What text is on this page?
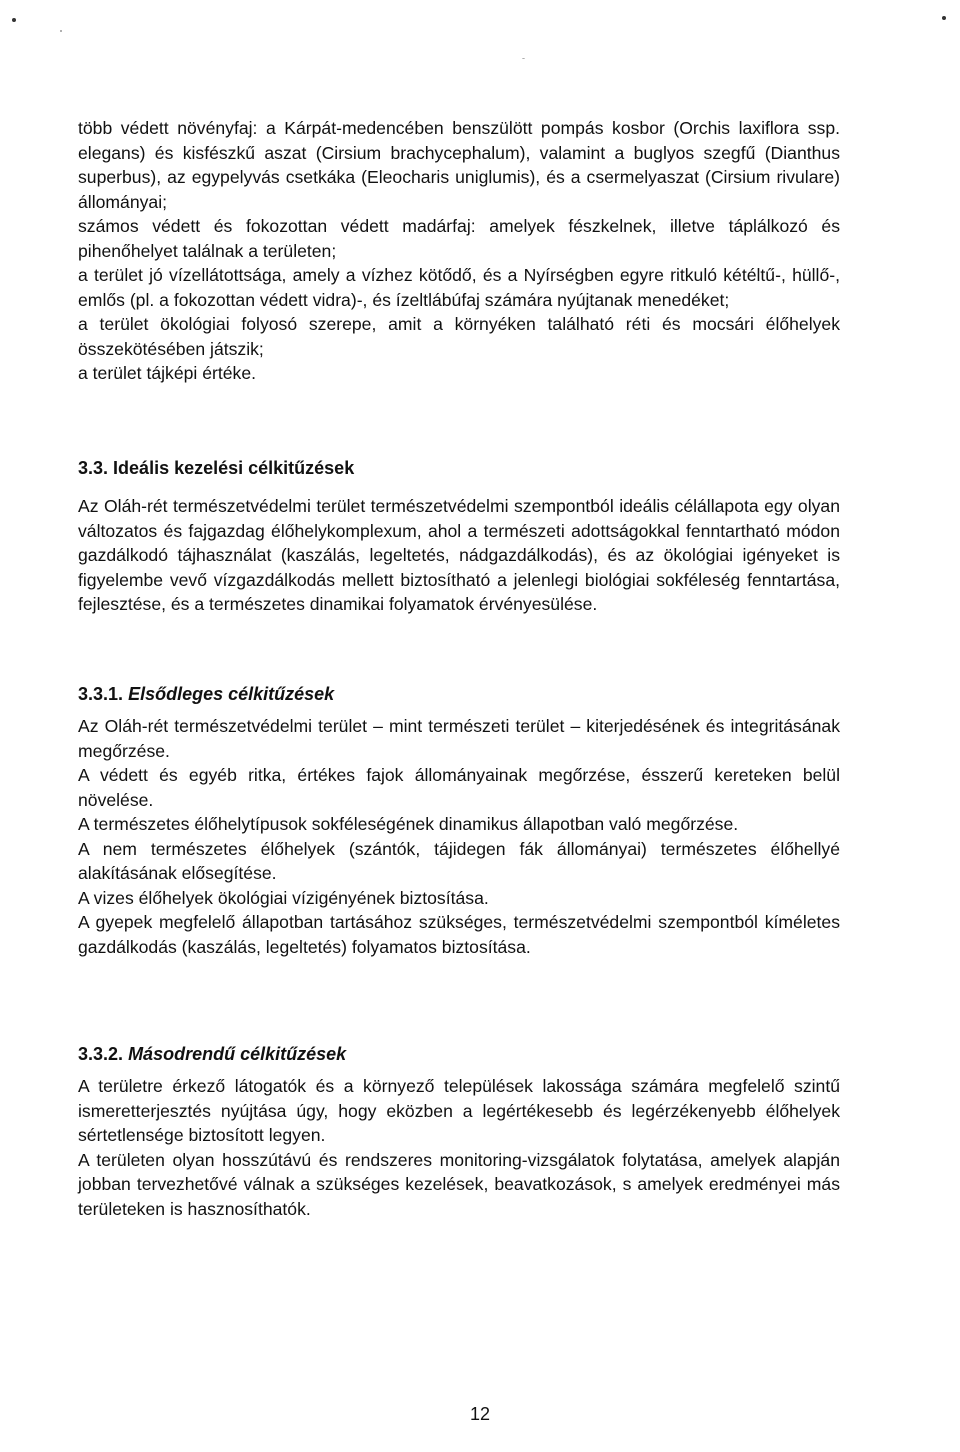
több védett növényfaj: a Kárpát-medencében benszülött pompás kosbor (Orchis laxiflora ssp. elegans) és kisfészkű aszat (Cirsium brachycephalum), valamint a buglyos szegfű (Dianthus superbus), az egypelyvás csetkáka (Eleocharis uniglumis), és a csermelyaszat (Cirsium rivulare) állományai;

számos védett és fokozottan védett madárfaj: amelyek fészkelnek, illetve táplálkozó és pihenőhelyet találnak a területen;

a terület jó vízellátottsága, amely a vízhez kötődő, és a Nyírségben egyre ritkuló kétéltű-, hüllő-, emlős (pl. a fokozottan védett vidra)-, és ízeltlábúfaj számára nyújtanak menedéket;

a terület ökológiai folyosó szerepe, amit a környéken található réti és mocsári élőhelyek összekötésében játszik;

a terület tájképi értéke.

3.3. Ideális kezelési célkitűzések

Az Oláh-rét természetvédelmi terület természetvédelmi szempontból ideális célállapota egy olyan változatos és fajgazdag élőhelykomplexum, ahol a természeti adottságokkal fenntartható módon gazdálkodó tájhasználat (kaszálás, legeltetés, nádgazdálkodás), és az ökológiai igényeket is figyelembe vevő vízgazdálkodás mellett biztosítható a jelenlegi biológiai sokféleség fenntartása, fejlesztése, és a természetes dinamikai folyamatok érvényesülése.

3.3.1. Elsődleges célkitűzések

Az Oláh-rét természetvédelmi terület – mint természeti terület – kiterjedésének és integritásának megőrzése.

A védett és egyéb ritka, értékes fajok állományainak megőrzése, ésszerű kereteken belül növelése.

A természetes élőhelytípusok sokféleségének dinamikus állapotban való megőrzése.

A nem természetes élőhelyek (szántók, tájidegen fák állományai) természetes élőhellyé alakításának elősegítése.

A vizes élőhelyek ökológiai vízigényének biztosítása.

A gyepek megfelelő állapotban tartásához szükséges, természetvédelmi szempontból kíméletes gazdálkodás (kaszálás, legeltetés) folyamatos biztosítása.

3.3.2. Másodrendű célkitűzések

A területre érkező látogatók és a környező települések lakossága számára megfelelő szintű ismeretterjesztés nyújtása úgy, hogy eközben a legértékesebb és legérzékenyebb élőhelyek sértetlensége biztosított legyen.

A területen olyan hosszútávú és rendszeres monitoring-vizsgálatok folytatása, amelyek alapján jobban tervezhetővé válnak a szükséges kezelések, beavatkozások, s amelyek eredményei más területeken is hasznosíthatók.

12
